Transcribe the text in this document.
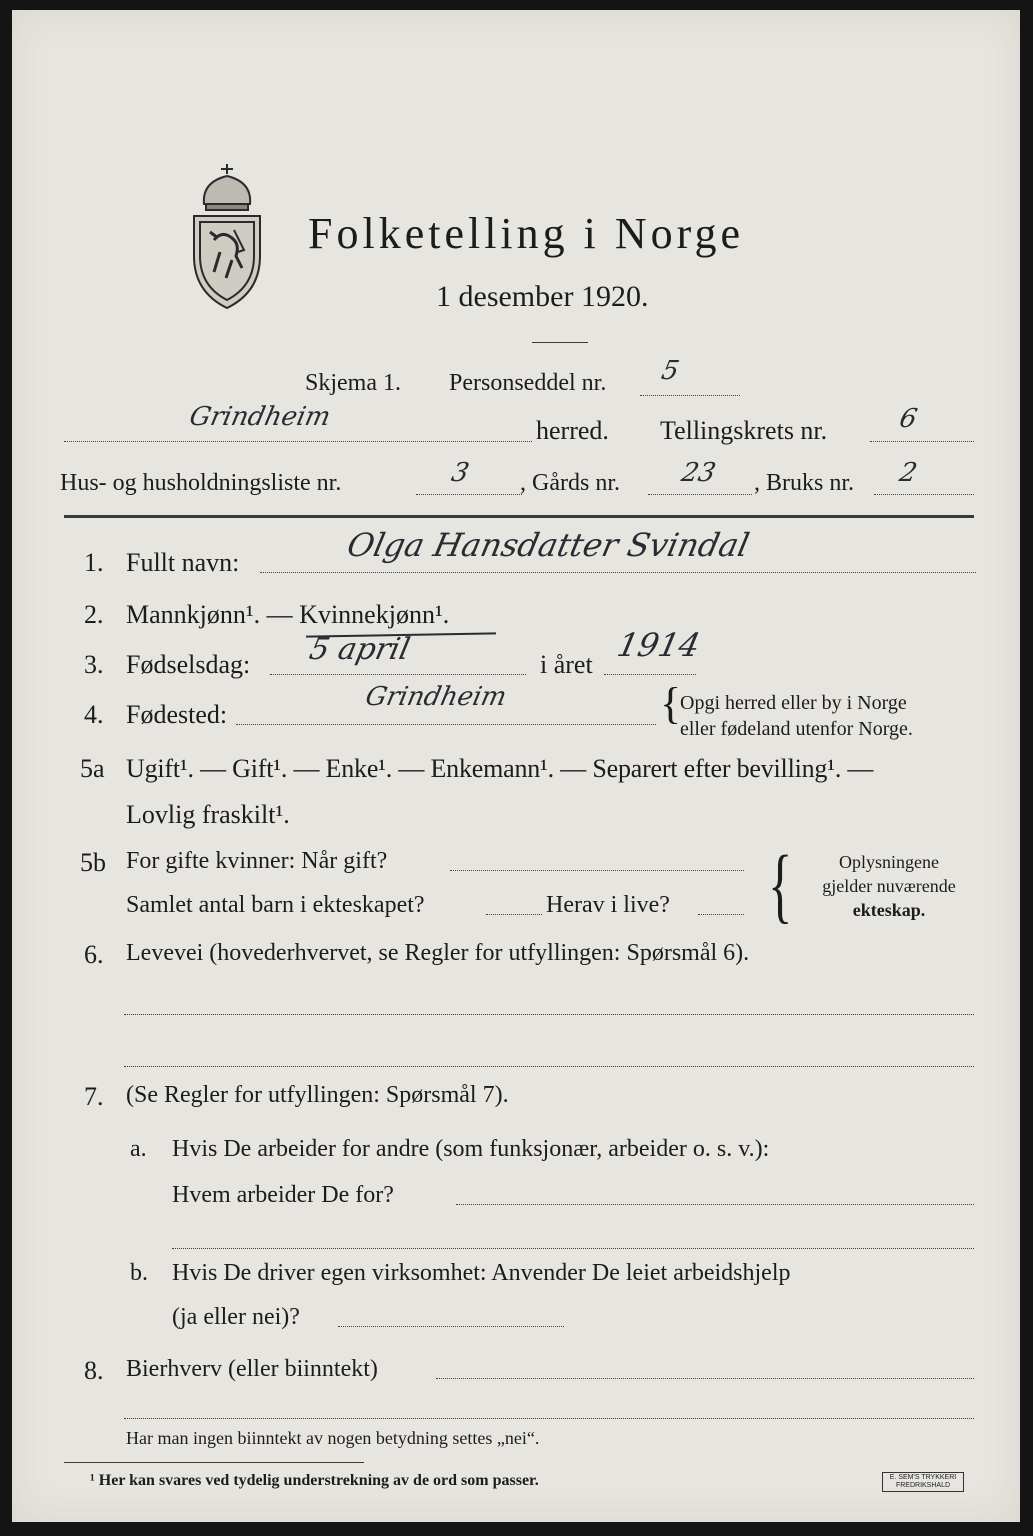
Folketelling i Norge
1 desember 1920.
Skjema 1. Personseddel nr. 5
Grindheim	herred. Tellingskrets nr.	6
Hus- og husholdningsliste nr.	3 , Gårds nr. 23 , Bruks nr. 2
1. Fullt navn:	Olga Hansdatter Svindal
2. Mannkjønn¹. — Kvinnekjønn¹.
3. Fødselsdag: 5 april	i året
1914
4. Fødested:
Grindheim	{
Opgi herred eller by i Norge
eller fødeland utenfor Norge.
5a Ugift¹. — Gift¹. — Enke¹. — Enkemann¹. — Separert efter bevilling¹. —
Lovlig fraskilt¹.
5b For gifte kvinner: Når gift?
Samlet antal barn i ekteskapet?	Herav i live? {	Oplysningene
gjelder nuværende
ekteskap.
6. Levevei (hovederhvervet, se Regler for utfyllingen: Spørsmål 6).
7. (Se Regler for utfyllingen: Spørsmål 7).
a. Hvis De arbeider for andre (som funksjonær, arbeider o. s. v.):
Hvem arbeider De for?
b. Hvis De driver egen virksomhet: Anvender De leiet arbeidshjelp
(ja eller nei)?
8. Bierhverv (eller biinntekt)
Har man ingen biinntekt av nogen betydning settes „nei“.
¹ Her kan svares ved tydelig understrekning av de ord som passer.	E. SEM'S TRYKKERI
FREDRIKSHALD
